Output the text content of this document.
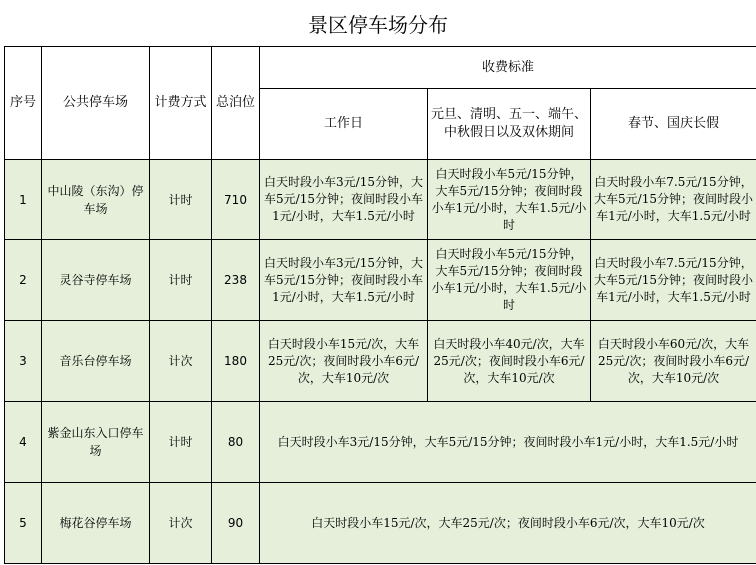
景区停车场分布
序号	公共停车场	计费方式	总泊位	收费标准		
				工作日	元旦、清明、五一、端午、中秋假日以及双休期间	春节、国庆长假
1	中山陵（东沟）停车场	计时	710	白天时段小车3元/15分钟，大车5元/15分钟；夜间时段小车1元/小时，大车1.5元/小时	白天时段小车5元/15分钟，大车5元/15分钟；夜间时段小车1元/小时，大车1.5元/小时	白天时段小车7.5元/15分钟，大车5元/15分钟；夜间时段小车1元/小时，大车1.5元/小时
2	灵谷寺停车场	计时	238	白天时段小车3元/15分钟，大车5元/15分钟；夜间时段小车1元/小时，大车1.5元/小时	白天时段小车5元/15分钟，大车5元/15分钟；夜间时段小车1元/小时，大车1.5元/小时	白天时段小车7.5元/15分钟，大车5元/15分钟；夜间时段小车1元/小时，大车1.5元/小时
3	音乐台停车场	计次	180	白天时段小车15元/次，大车25元/次；夜间时段小车6元/次，大车10元/次	白天时段小车40元/次，大车25元/次；夜间时段小车6元/次，大车10元/次	白天时段小车60元/次，大车25元/次；夜间时段小车6元/次，大车10元/次
4	紫金山东入口停车场	计时	80	白天时段小车3元/15分钟，大车5元/15分钟；夜间时段小车1元/小时，大车1.5元/小时		
5	梅花谷停车场	计次	90	白天时段小车15元/次，大车25元/次；夜间时段小车6元/次，大车10元/次		
